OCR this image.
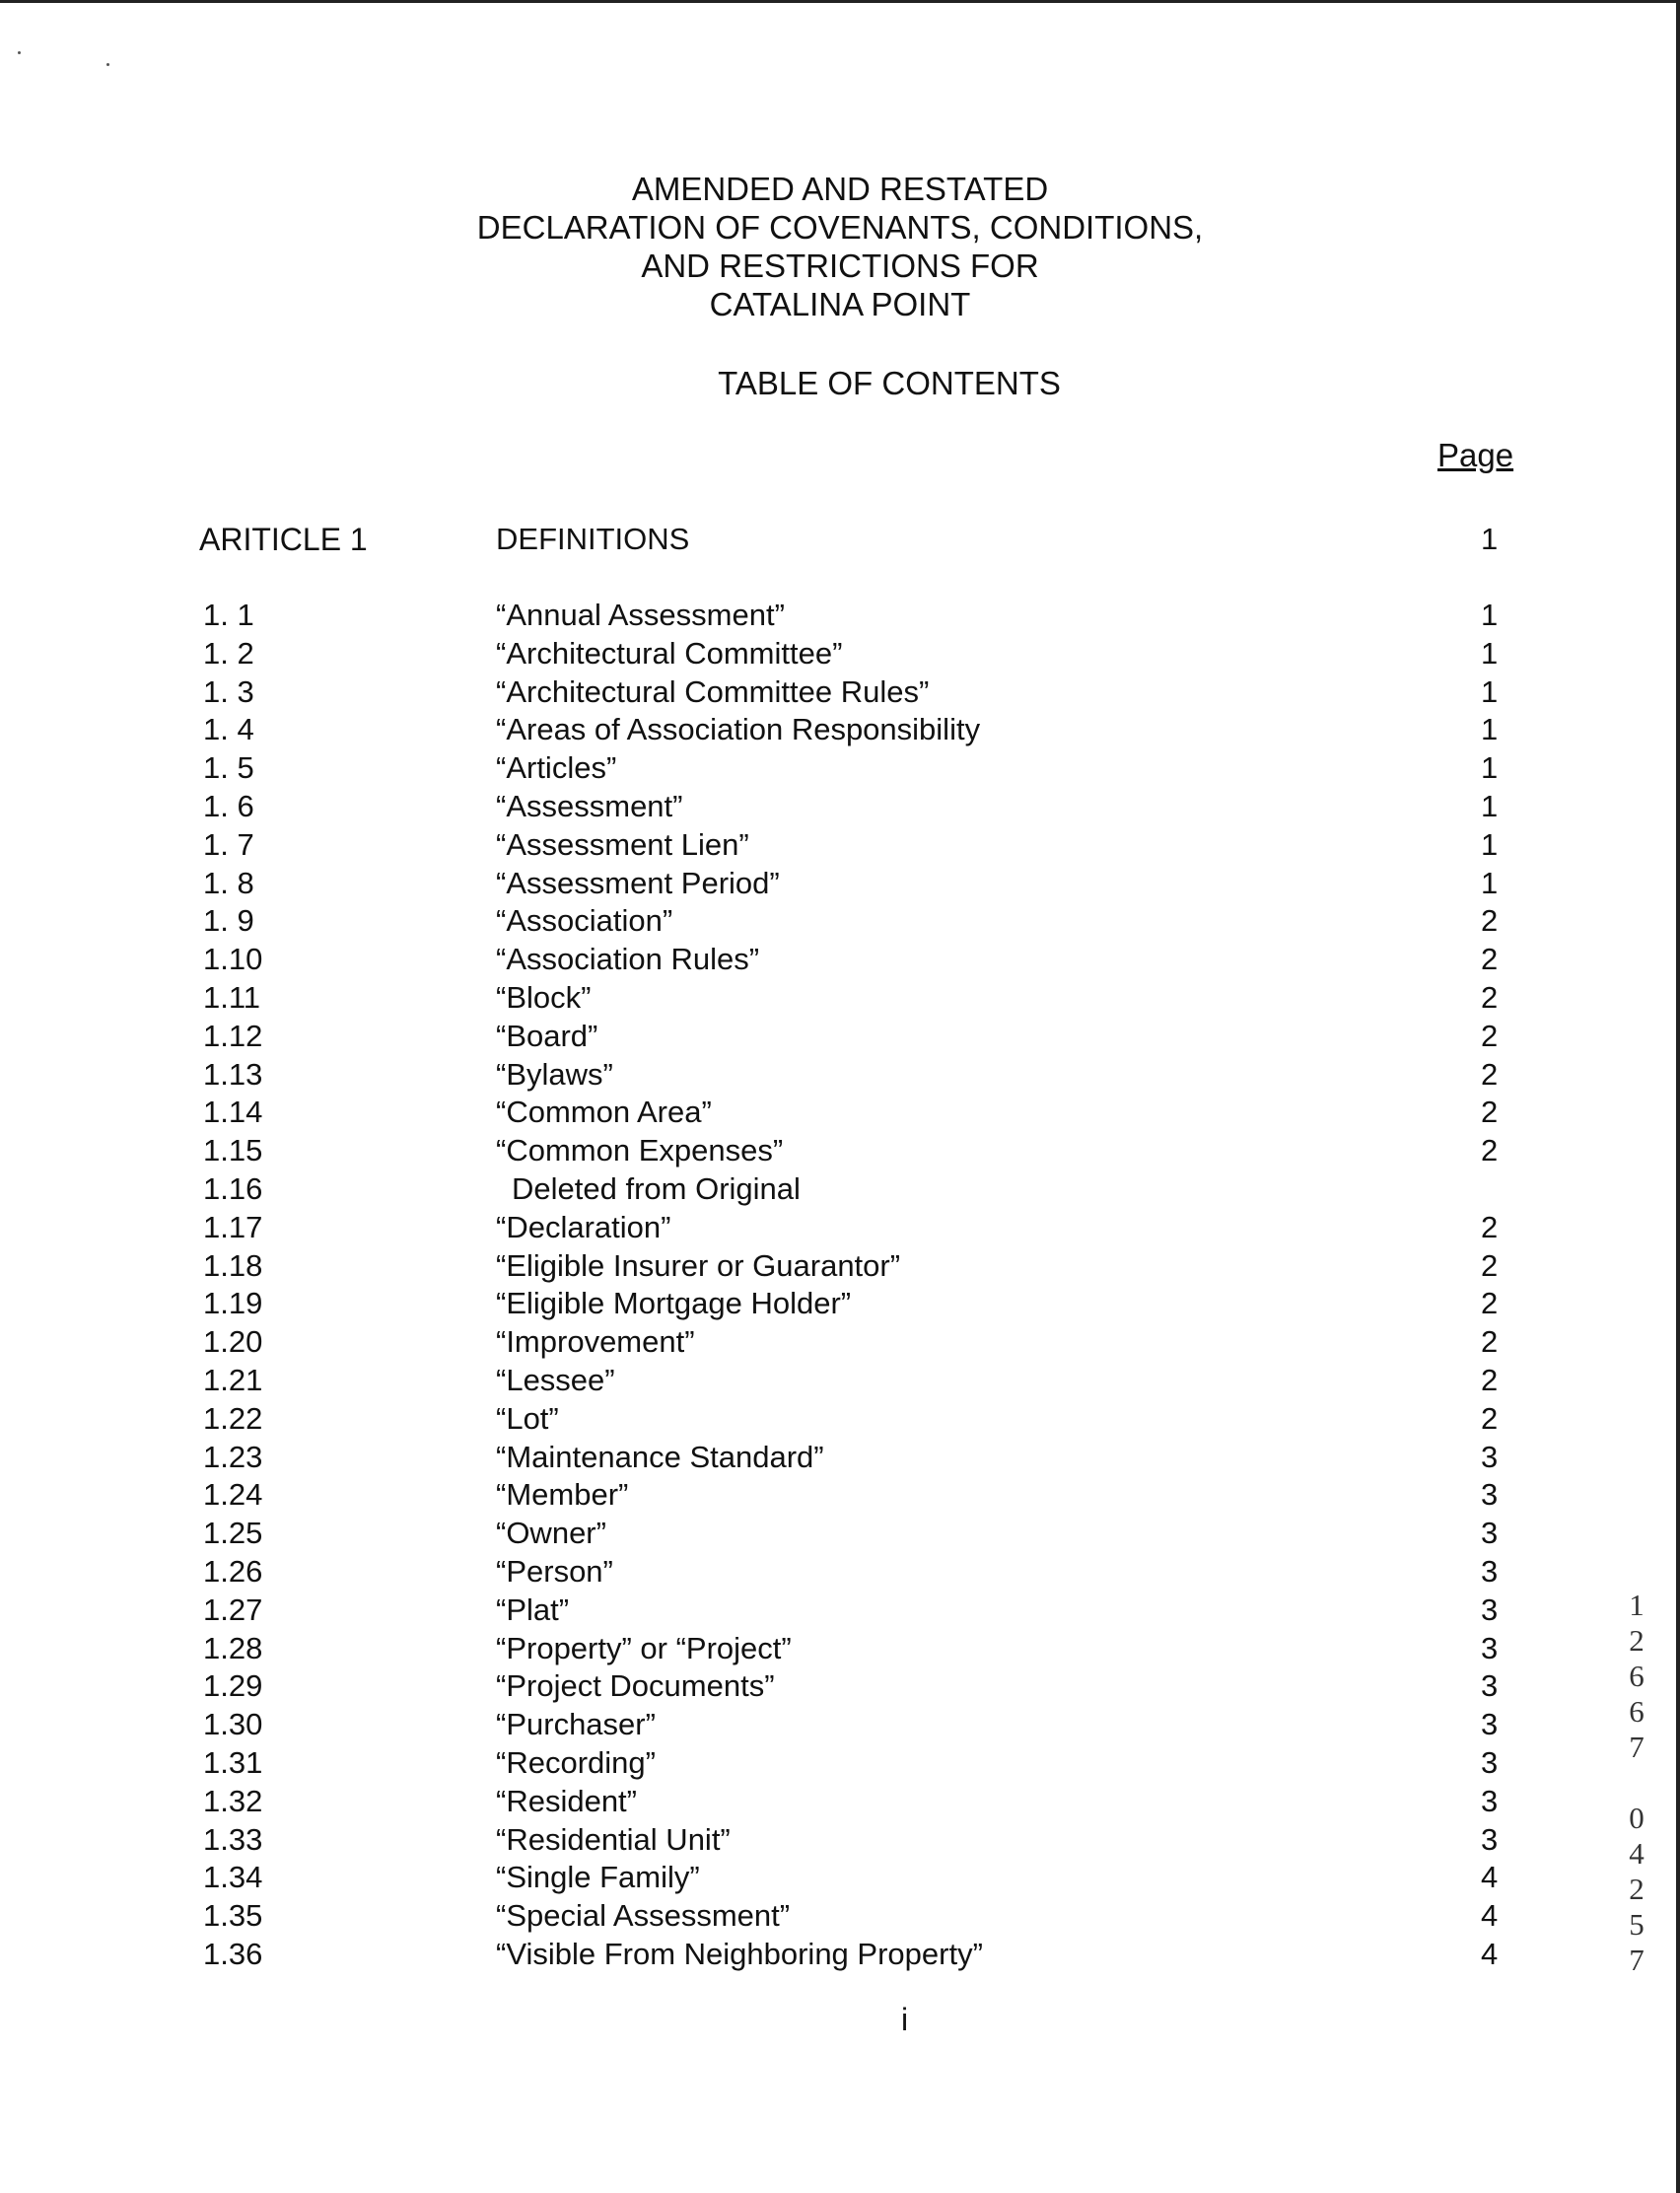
AMENDED AND RESTATED
DECLARATION OF COVENANTS, CONDITIONS,
AND RESTRICTIONS FOR
CATALINA POINT
TABLE OF CONTENTS
Page
ARITICLE 1	DEFINITIONS	1
1. 1	“Annual Assessment”	1
1. 2	“Architectural Committee”	1
1. 3	“Architectural Committee Rules”	1
1. 4	“Areas of Association Responsibility	1
1. 5	“Articles”	1
1. 6	“Assessment”	1
1. 7	“Assessment Lien”	1
1. 8	“Assessment Period”	1
1. 9	“Association”	2
1.10	“Association Rules”	2
1.11	“Block”	2
1.12	“Board”	2
1.13	“Bylaws”	2
1.14	“Common Area”	2
1.15	“Common Expenses”	2
1.16	Deleted from Original
1.17	“Declaration”	2
1.18	“Eligible Insurer or Guarantor”	2
1.19	“Eligible Mortgage Holder”	2
1.20	“Improvement”	2
1.21	“Lessee”	2
1.22	“Lot”	2
1.23	“Maintenance Standard”	3
1.24	“Member”	3
1.25	“Owner”	3
1.26	“Person”	3
1.27	“Plat”	3
1.28	“Property” or “Project”	3
1.29	“Project Documents”	3
1.30	“Purchaser”	3
1.31	“Recording”	3
1.32	“Resident”	3
1.33	“Residential Unit”	3
1.34	“Single Family”	4
1.35	“Special Assessment”	4
1.36	“Visible From Neighboring Property”	4
i
1
2
6
6
7

0
4
2
5
7
